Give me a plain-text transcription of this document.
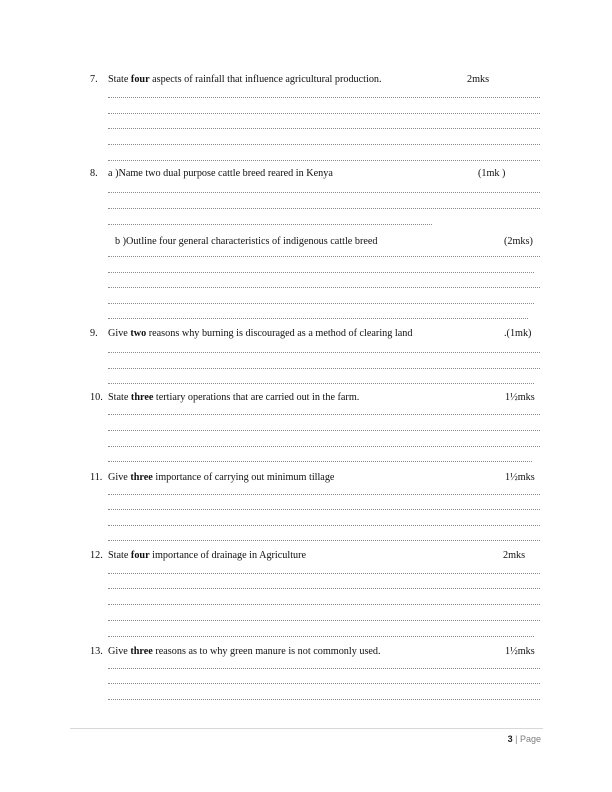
7. State four aspects of rainfall that influence agricultural production.	2mks
8. a )Name two dual purpose cattle breed reared in Kenya	(1mk )
b )Outline four general characteristics of indigenous cattle breed	(2mks)
9. Give two reasons why burning is discouraged as a method of clearing land	.(1mk)
10. State three tertiary operations that are carried out in the farm.	1½mks
11. Give three importance of carrying out minimum tillage	1½mks
12. State four importance of drainage in Agriculture	2mks
13. Give three reasons as to why green manure is not commonly used.	1½mks
3 | Page
